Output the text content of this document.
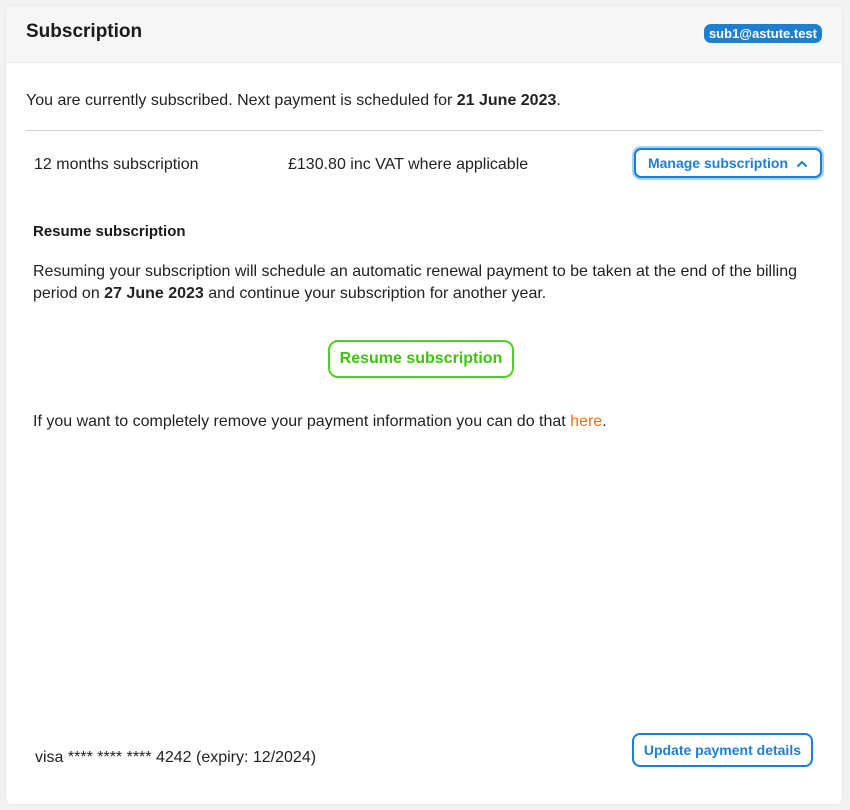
Subscription	sub1@astute.test
You are currently subscribed. Next payment is scheduled for 21 June 2023.
12 months subscription	£130.80 inc VAT where applicable	Manage subscription
Resume subscription
Resuming your subscription will schedule an automatic renewal payment to be taken at the end of the billing period on 27 June 2023 and continue your subscription for another year.
Resume subscription
If you want to completely remove your payment information you can do that here.
visa **** **** **** 4242 (expiry: 12/2024)	Update payment details
